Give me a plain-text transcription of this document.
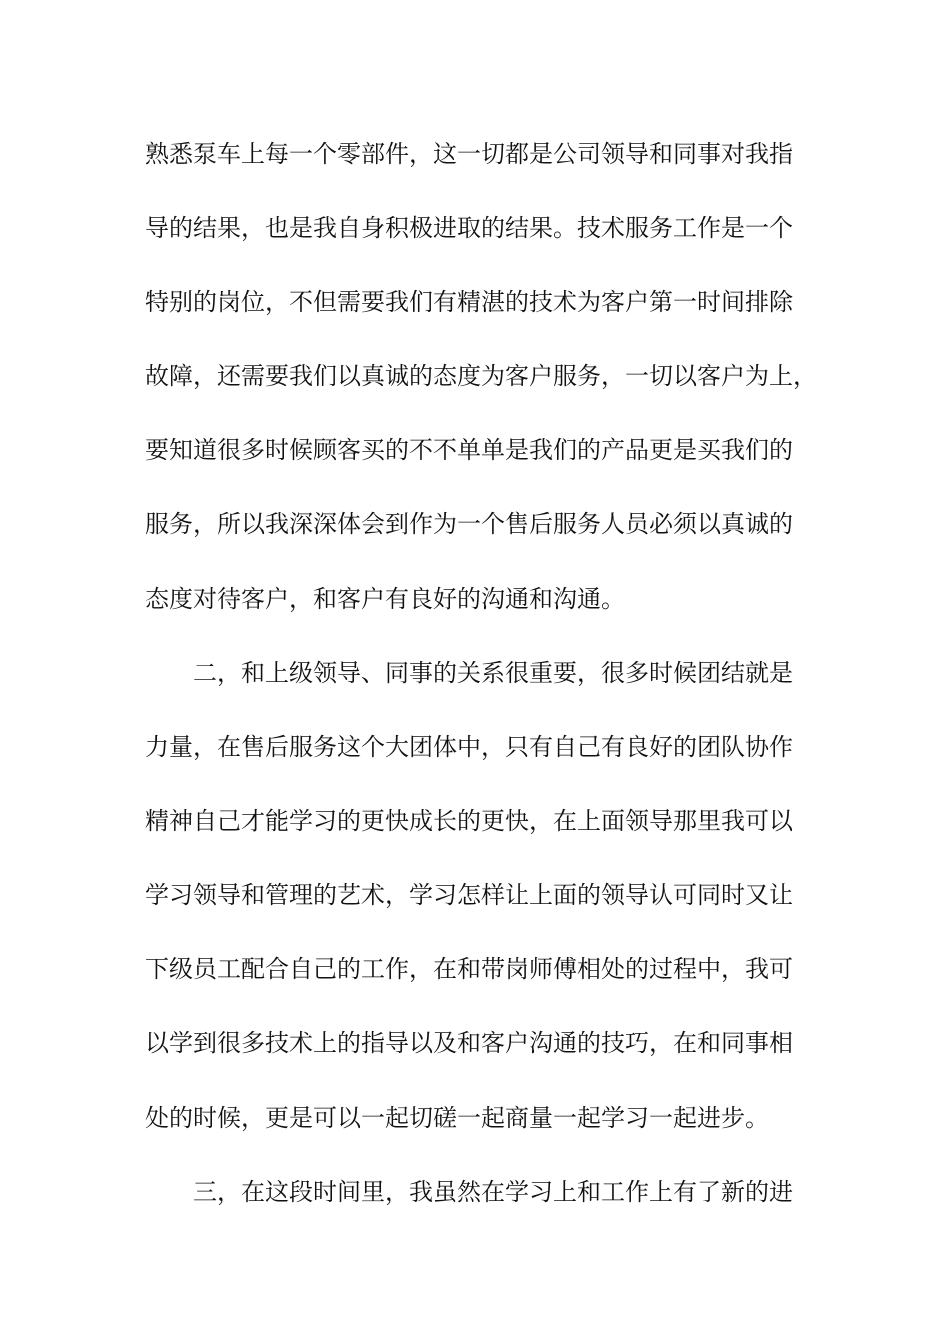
熟悉泵车上每一个零部件，这一切都是公司领导和同事对我指
导的结果，也是我自身积极进取的结果。技术服务工作是一个
特别的岗位，不但需要我们有精湛的技术为客户第一时间排除
故障，还需要我们以真诚的态度为客户服务，一切以客户为上，
要知道很多时候顾客买的不不单单是我们的产品更是买我们的
服务，所以我深深体会到作为一个售后服务人员必须以真诚的
态度对待客户，和客户有良好的沟通和沟通。
二，和上级领导、同事的关系很重要，很多时候团结就是
力量，在售后服务这个大团体中，只有自己有良好的团队协作
精神自己才能学习的更快成长的更快，在上面领导那里我可以
学习领导和管理的艺术，学习怎样让上面的领导认可同时又让
下级员工配合自己的工作，在和带岗师傅相处的过程中，我可
以学到很多技术上的指导以及和客户沟通的技巧，在和同事相
处的时候，更是可以一起切磋一起商量一起学习一起进步。
三，在这段时间里，我虽然在学习上和工作上有了新的进
